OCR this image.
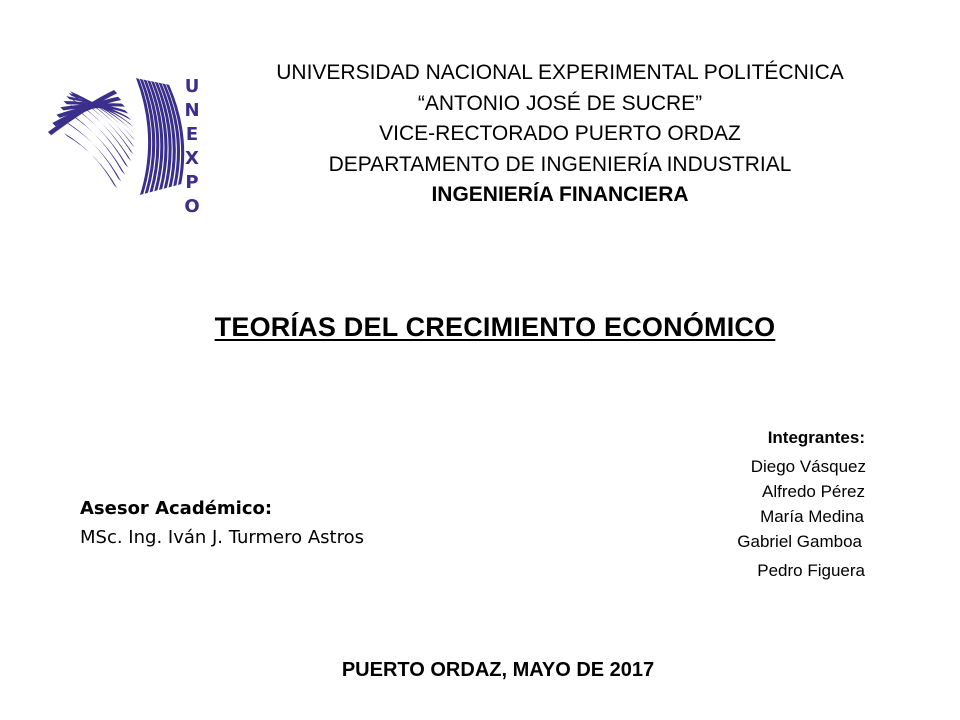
U
N
E
X
P
O
UNIVERSIDAD NACIONAL EXPERIMENTAL POLITÉCNICA
“ANTONIO JOSÉ DE SUCRE”
VICE-RECTORADO PUERTO ORDAZ
DEPARTAMENTO DE INGENIERÍA INDUSTRIAL
INGENIERÍA FINANCIERA
TEORÍAS DEL CRECIMIENTO ECONÓMICO
Integrantes:
Diego Vásquez
Alfredo Pérez
María Medina
Gabriel Gamboa
Pedro Figuera
Asesor Académico:
MSc. Ing. Iván J. Turmero Astros
PUERTO ORDAZ, MAYO DE 2017
